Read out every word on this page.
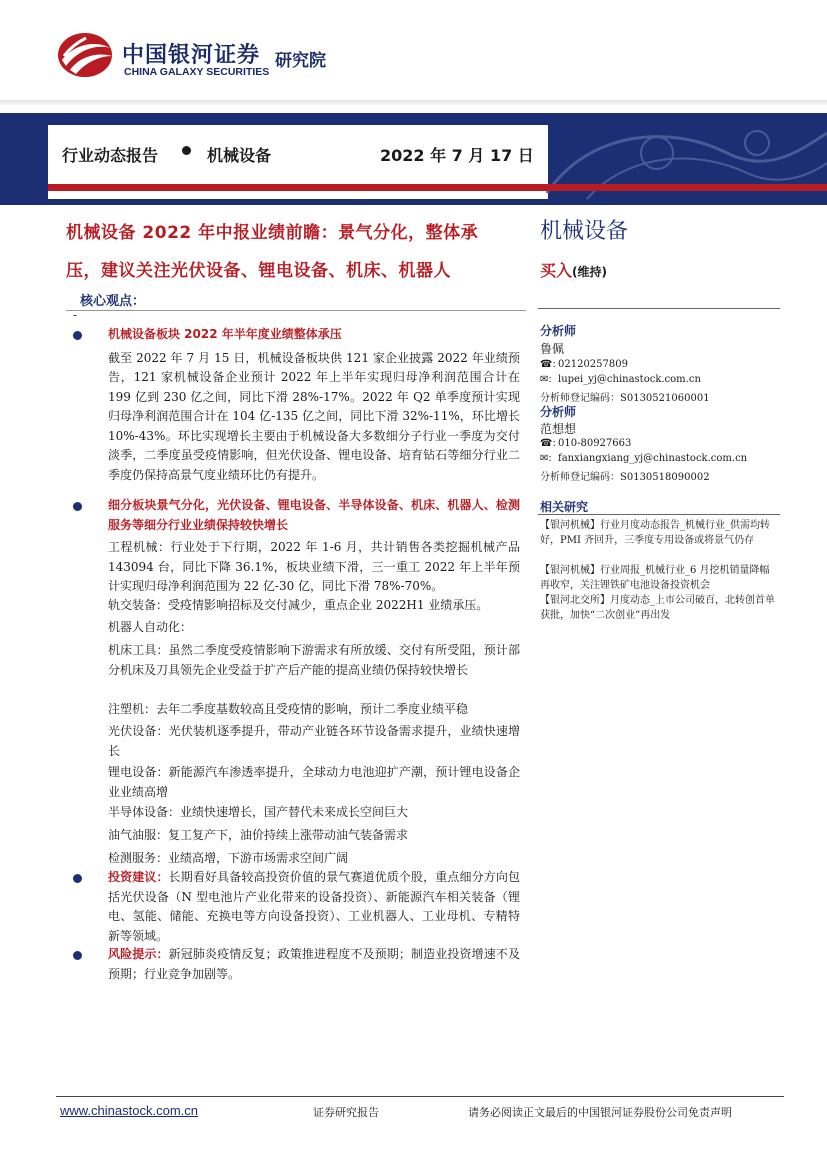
中国银河证券
CHINA GALAXY SECURITIES
研究院
行业动态报告	机械设备	2022 年 7 月 17 日
机械设备 2022 年中报业绩前瞻：景气分化，整体承
压，建议关注光伏设备、锂电设备、机床、机器人
机械设备
买入(维持)
核心观点：
-
机械设备板块 2022 年半年度业绩整体承压
截至 2022 年 7 月 15 日，机械设备板块供 121 家企业披露 2022 年业绩预告，121 家机械设备企业预计 2022 年上半年实现归母净利润范围合计在 199 亿到 230 亿之间，同比下滑 28%-17%。2022 年 Q2 单季度预计实现归母净利润范围合计在 104 亿-135 亿之间，同比下滑 32%-11%，环比增长 10%-43%。环比实现增长主要由于机械设备大多数细分子行业一季度为交付淡季，二季度虽受疫情影响，但光伏设备、锂电设备、培育钻石等细分行业二季度仍保持高景气度业绩环比仍有提升。
细分板块景气分化，光伏设备、锂电设备、半导体设备、机床、机器人、检测服务等细分行业业绩保持较快增长
工程机械：行业处于下行期，2022 年 1-6 月，共计销售各类挖掘机械产品 143094 台，同比下降 36.1%，板块业绩下滑，三一重工 2022 年上半年预计实现归母净利润范围为 22 亿-30 亿，同比下滑 78%-70%。
轨交装备：受疫情影响招标及交付减少，重点企业 2022H1 业绩承压。
机器人自动化：
机床工具：虽然二季度受疫情影响下游需求有所放缓、交付有所受阻，预计部分机床及刀具领先企业受益于扩产后产能的提高业绩仍保持较快增长
注塑机：去年二季度基数较高且受疫情的影响，预计二季度业绩平稳
光伏设备：光伏装机逐季提升，带动产业链各环节设备需求提升，业绩快速增长
锂电设备：新能源汽车渗透率提升，全球动力电池迎扩产潮，预计锂电设备企业业绩高增
半导体设备：业绩快速增长，国产替代未来成长空间巨大
油气油服：复工复产下，油价持续上涨带动油气装备需求
检测服务：业绩高增，下游市场需求空间广阔
投资建议：长期看好具备较高投资价值的景气赛道优质个股，重点细分方向包括光伏设备（N 型电池片产业化带来的设备投资）、新能源汽车相关装备（锂电、氢能、储能、充换电等方向设备投资）、工业机器人、工业母机、专精特新等领域。
风险提示：新冠肺炎疫情反复；政策推进程度不及预期；制造业投资增速不及预期；行业竞争加剧等。
分析师
鲁佩
☎: 02120257809
✉: lupei_yj@chinastock.com.cn
分析师登记编码：S0130521060001
分析师
范想想
☎: 010-80927663
✉: fanxiangxiang_yj@chinastock.com.cn
分析师登记编码：S0130518090002
相关研究
【银河机械】行业月度动态报告_机械行业_供需均转好，PMI 齐回升，三季度专用设备或将景气仍存
【银河机械】行业周报_机械行业_6 月挖机销量降幅再收窄，关注锂铁矿电池设备投资机会
【银河北交所】月度动态_上市公司破百，北转创首单获批，加快“二次创业”再出发
www.chinastock.com.cn	证券研究报告	请务必阅读正文最后的中国银河证券股份公司免责声明
